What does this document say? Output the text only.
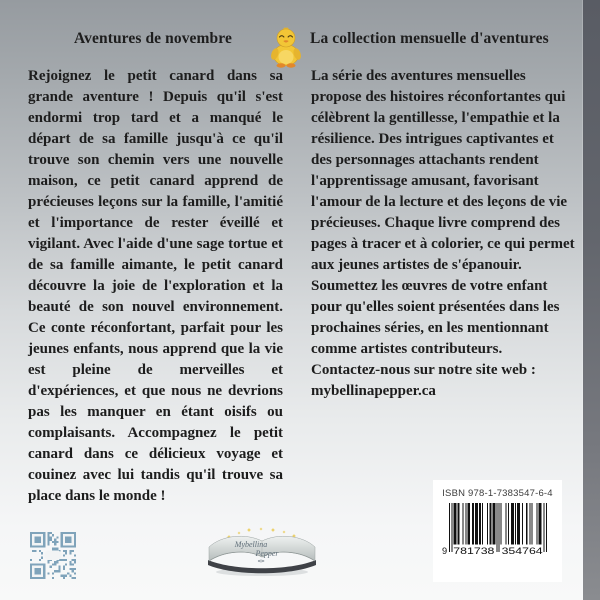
Aventures de novembre	La collection mensuelle d'aventures
Rejoignez le petit canard dans sa grande aventure ! Depuis qu'il s'est endormi trop tard et a manqué le départ de sa famille jusqu'à ce qu'il trouve son chemin vers une nouvelle maison, ce petit canard apprend de précieuses leçons sur la famille, l'amitié et l'importance de rester éveillé et vigilant. Avec l'aide d'une sage tortue et de sa famille aimante, le petit canard découvre la joie de l'exploration et la beauté de son nouvel environnement. Ce conte réconfortant, parfait pour les jeunes enfants, nous apprend que la vie est pleine de merveilles et d'expériences, et que nous ne devrions pas les manquer en étant oisifs ou complaisants. Accompagnez le petit canard dans ce délicieux voyage et couinez avec lui tandis qu'il trouve sa place dans le monde !
La série des aventures mensuelles propose des histoires réconfortantes qui célèbrent la gentillesse, l'empathie et la résilience. Des intrigues captivantes et des personnages attachants rendent l'apprentissage amusant, favorisant l'amour de la lecture et des leçons de vie précieuses. Chaque livre comprend des pages à tracer et à colorier, ce qui permet aux jeunes artistes de s'épanouir. Soumettez les œuvres de votre enfant pour qu'elles soient présentées dans les prochaines séries, en les mentionnant comme artistes contributeurs. Contactez-nous sur notre site web : mybellinapepper.ca
Mybellina
Pepper
ISBN 978-1-7383547-6-4
9 781738 354764
